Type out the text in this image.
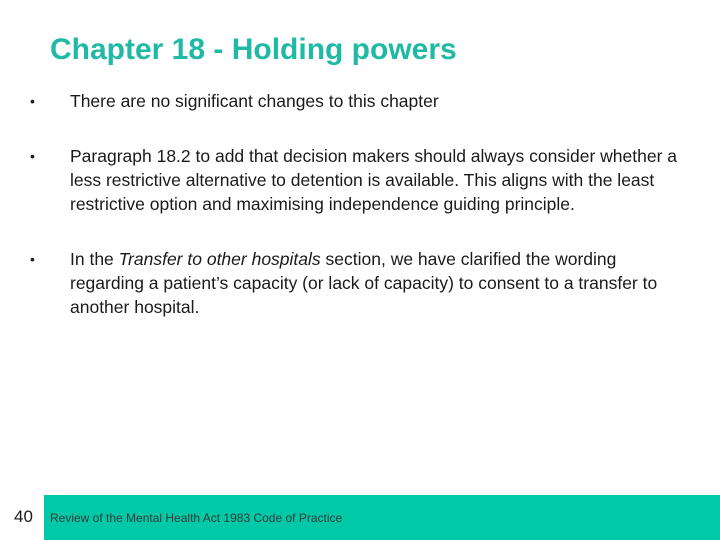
Chapter 18 - Holding powers
•	There are no significant changes to this chapter
•	Paragraph 18.2 to add that decision makers should always consider whether a less restrictive alternative to detention is available. This aligns with the least restrictive option and maximising independence guiding principle.
•	In the Transfer to other hospitals section, we have clarified the wording regarding a patient’s capacity (or lack of capacity) to consent to a transfer to another hospital.
40 Review of the Mental Health Act 1983 Code of Practice
